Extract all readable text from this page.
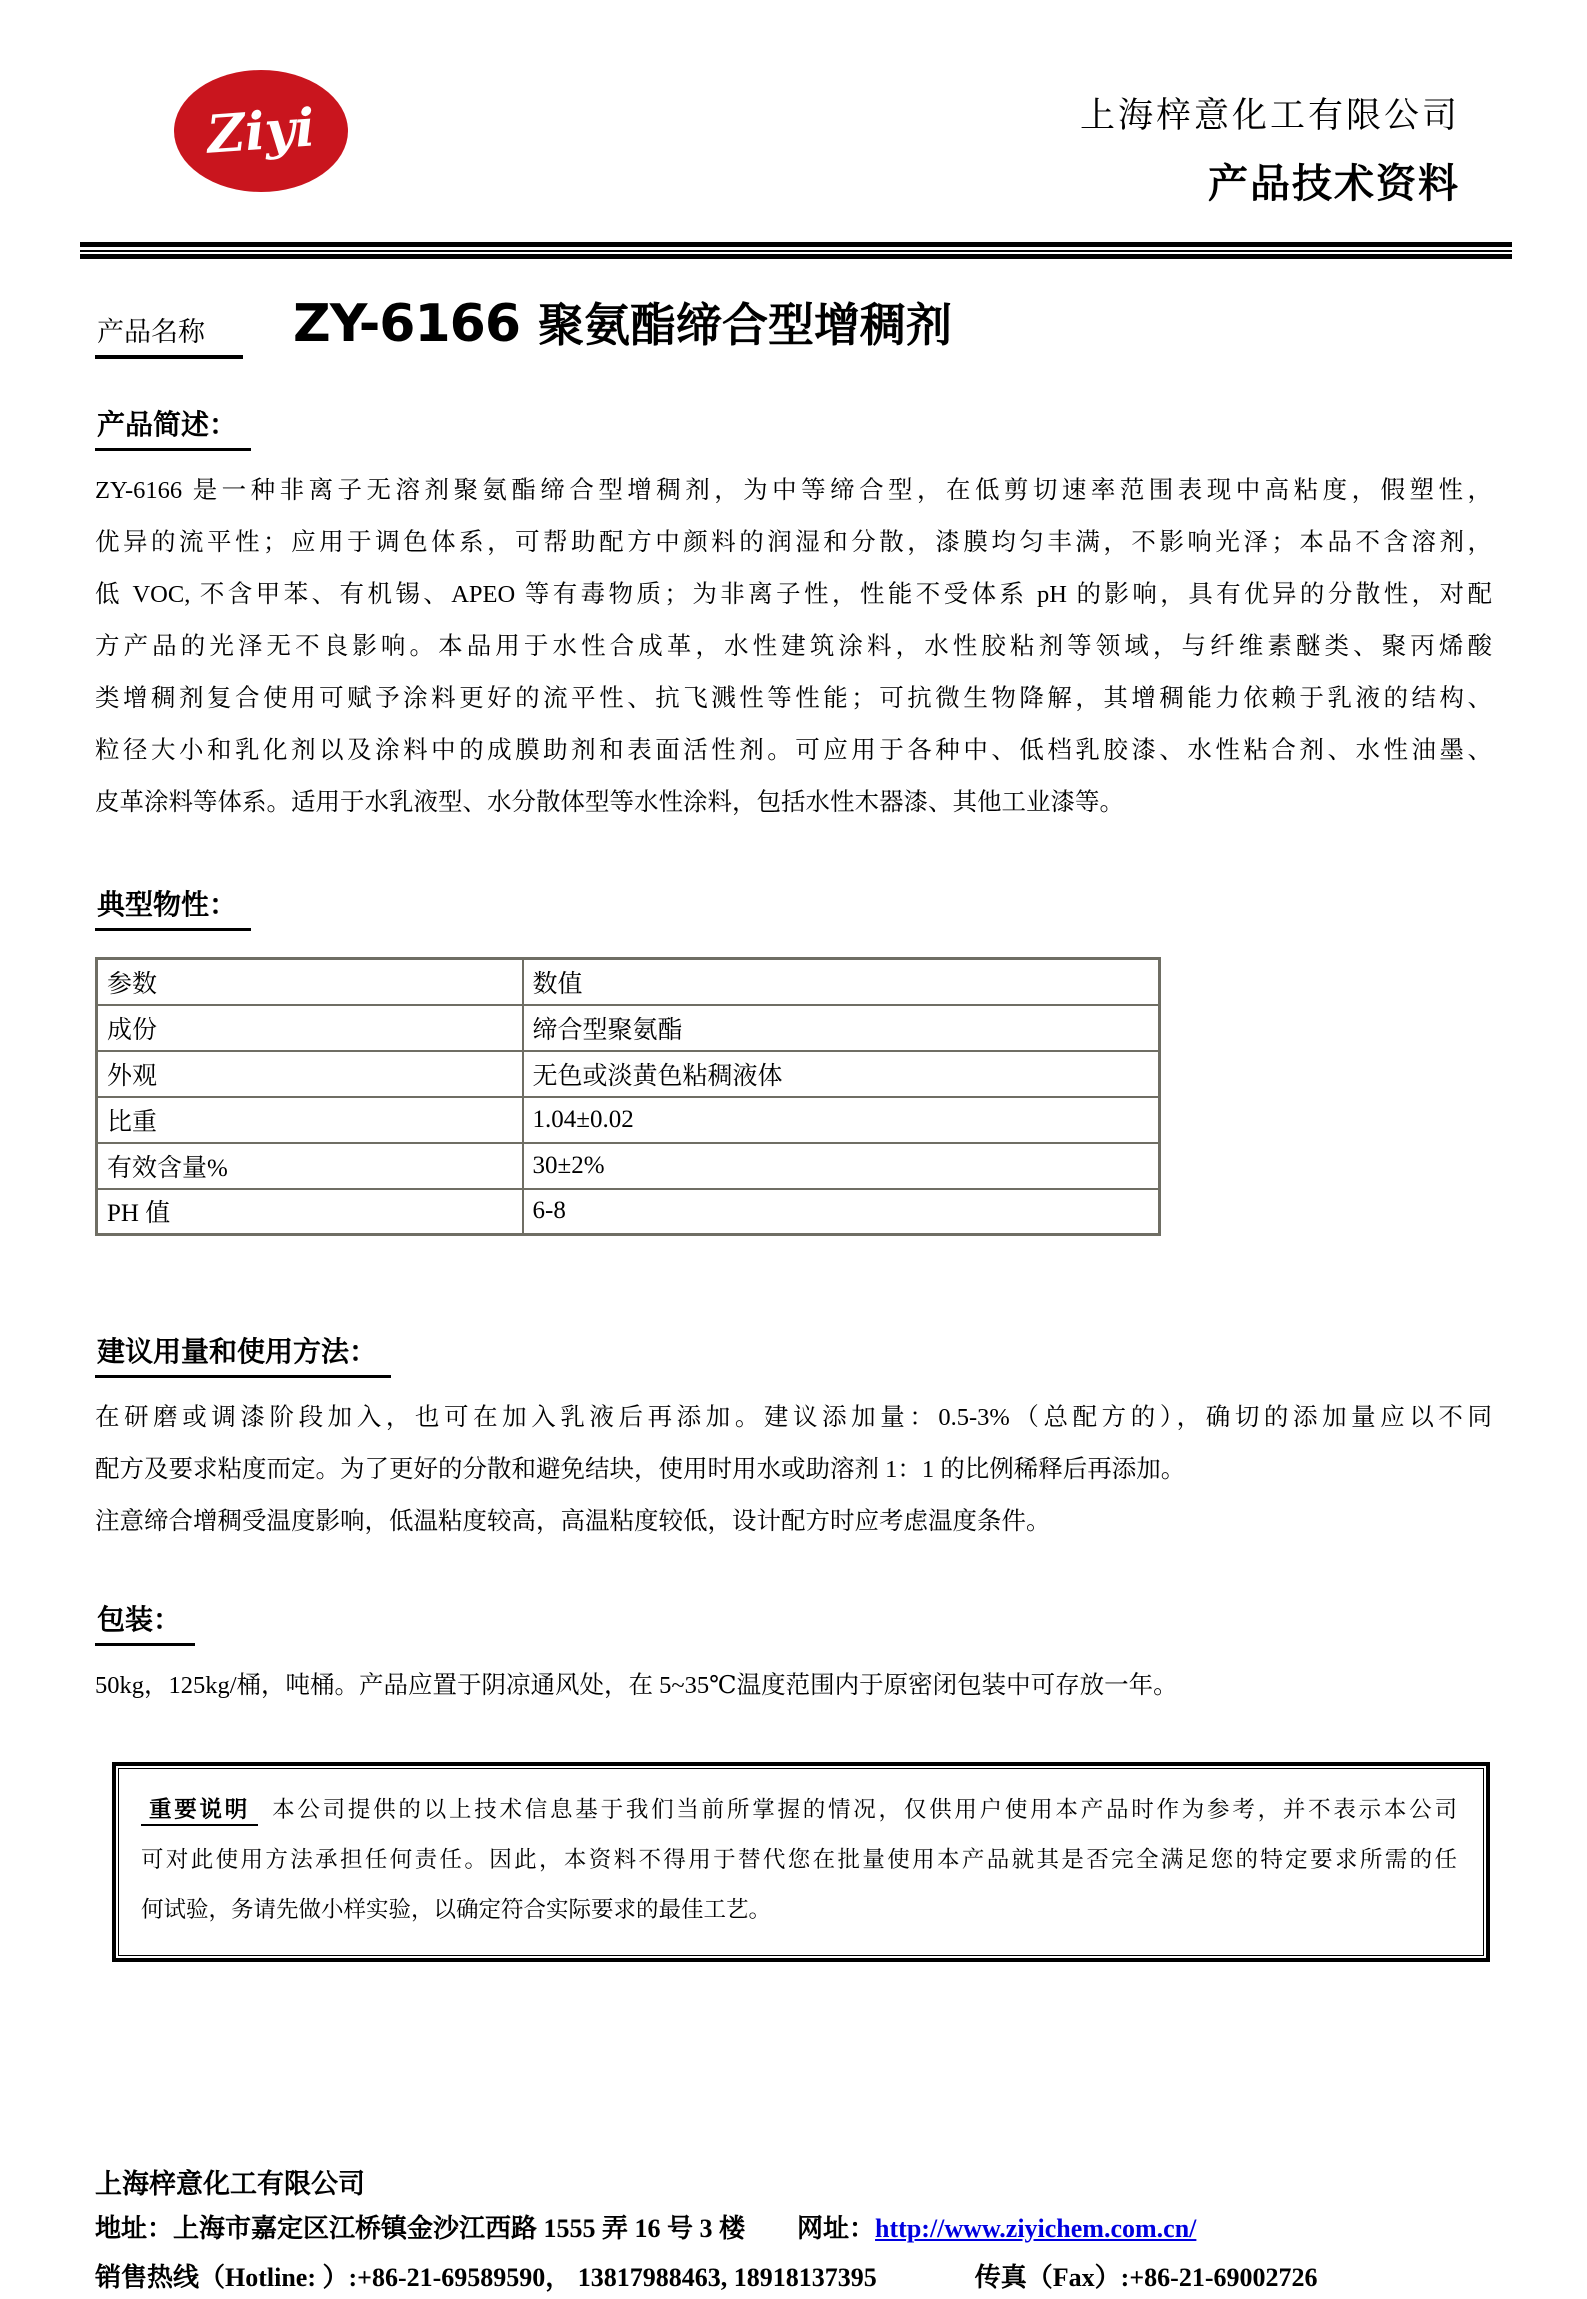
Ziyi	上海梓意化工有限公司
产品技术资料
产品名称	ZY-6166 聚氨酯缔合型增稠剂
产品简述：
ZY-6166 是一种非离子无溶剂聚氨酯缔合型增稠剂，为中等缔合型，在低剪切速率范围表现中高粘度，假塑性，
优异的流平性；应用于调色体系，可帮助配方中颜料的润湿和分散，漆膜均匀丰满，不影响光泽；本品不含溶剂，
低 VOC, 不含甲苯、有机锡、APEO 等有毒物质；为非离子性，性能不受体系 pH 的影响，具有优异的分散性，对配
方产品的光泽无不良影响。本品用于水性合成革，水性建筑涂料，水性胶粘剂等领域，与纤维素醚类、聚丙烯酸
类增稠剂复合使用可赋予涂料更好的流平性、抗飞溅性等性能；可抗微生物降解，其增稠能力依赖于乳液的结构、
粒径大小和乳化剂以及涂料中的成膜助剂和表面活性剂。可应用于各种中、低档乳胶漆、水性粘合剂、水性油墨、
皮革涂料等体系。适用于水乳液型、水分散体型等水性涂料，包括水性木器漆、其他工业漆等。
典型物性：
参数	数值
成份	缔合型聚氨酯
外观	无色或淡黄色粘稠液体
比重	1.04±0.02
有效含量%	30±2%
PH 值	6-8
建议用量和使用方法：
在研磨或调漆阶段加入，也可在加入乳液后再添加。建议添加量：0.5-3%（总配方的），确切的添加量应以不同
配方及要求粘度而定。为了更好的分散和避免结块，使用时用水或助溶剂 1：1 的比例稀释后再添加。
注意缔合增稠受温度影响，低温粘度较高，高温粘度较低，设计配方时应考虑温度条件。
包装：
50kg，125kg/桶，吨桶。产品应置于阴凉通风处，在 5~35℃温度范围内于原密闭包装中可存放一年。
重要说明 本公司提供的以上技术信息基于我们当前所掌握的情况，仅供用户使用本产品时作为参考，并不表示本公司
可对此使用方法承担任何责任。因此，本资料不得用于替代您在批量使用本产品就其是否完全满足您的特定要求所需的任
何试验，务请先做小样实验，以确定符合实际要求的最佳工艺。
上海梓意化工有限公司
地址：上海市嘉定区江桥镇金沙江西路 1555 弄 16 号 3 楼 网址：http://www.ziyichem.com.cn/
销售热线（Hotline: ）:+86-21-69589590， 13817988463, 18918137395	传真（Fax）:+86-21-69002726
